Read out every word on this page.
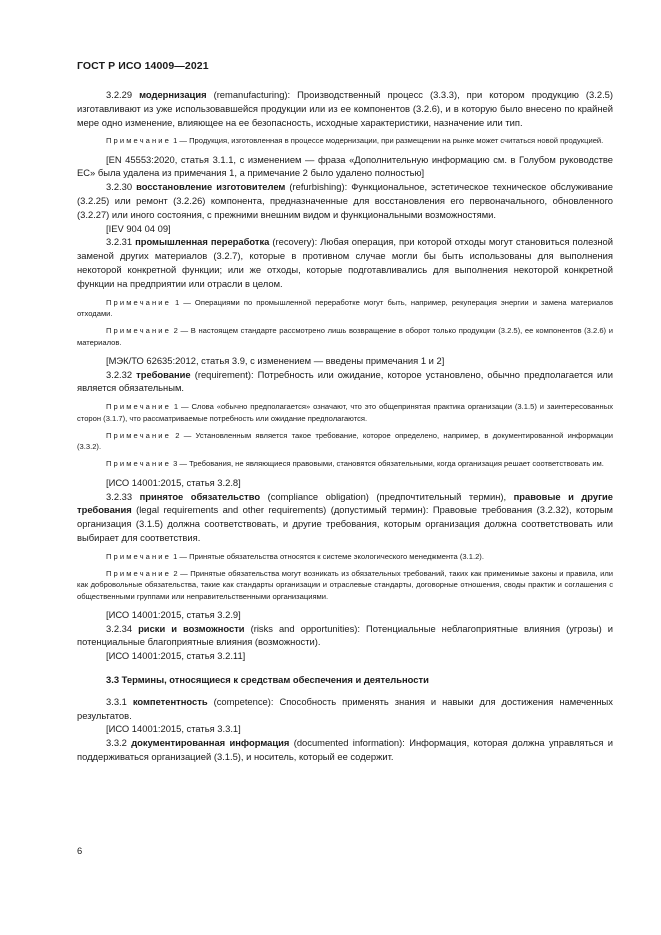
ГОСТ Р ИСО 14009—2021

3.2.29 модернизация (remanufacturing): Производственный процесс (3.3.3), при котором продукцию (3.2.5) изготавливают из уже использовавшейся продукции или из ее компонентов (3.2.6), и в которую было внесено по крайней мере одно изменение, влияющее на ее безопасность, исходные характеристики, назначение или тип.

Примечание 1 — Продукция, изготовленная в процессе модернизации, при размещении на рынке может считаться новой продукцией.

[EN 45553:2020, статья 3.1.1, с изменением — фраза «Дополнительную информацию см. в Голубом руководстве ЕС» была удалена из примечания 1, а примечание 2 было удалено полностью]

3.2.30 восстановление изготовителем (refurbishing): Функциональное, эстетическое техническое обслуживание (3.2.25) или ремонт (3.2.26) компонента, предназначенные для восстановления его первоначального, обновленного (3.2.27) или иного состояния, с прежними внешним видом и функциональными возможностями.

[IEV 904 04 09]

3.2.31 промышленная переработка (recovery): Любая операция, при которой отходы могут становиться полезной заменой других материалов (3.2.7), которые в противном случае могли бы быть использованы для выполнения некоторой конкретной функции; или же отходы, которые подготавливались для выполнения некоторой конкретной функции на предприятии или отрасли в целом.

Примечание 1 — Операциями по промышленной переработке могут быть, например, рекуперация энергии и замена материалов отходами.

Примечание 2 — В настоящем стандарте рассмотрено лишь возвращение в оборот только продукции (3.2.5), ее компонентов (3.2.6) и материалов.

[МЭК/ТО 62635:2012, статья 3.9, с изменением — введены примечания 1 и 2]

3.2.32 требование (requirement): Потребность или ожидание, которое установлено, обычно предполагается или является обязательным.

Примечание 1 — Слова «обычно предполагается» означают, что это общепринятая практика организации (3.1.5) и заинтересованных сторон (3.1.7), что рассматриваемые потребность или ожидание предполагаются.

Примечание 2 — Установленным является такое требование, которое определено, например, в документированной информации (3.3.2).

Примечание 3 — Требования, не являющиеся правовыми, становятся обязательными, когда организация решает соответствовать им.

[ИСО 14001:2015, статья 3.2.8]

3.2.33 принятое обязательство (compliance obligation) (предпочтительный термин), правовые и другие требования (legal requirements and other requirements) (допустимый термин): Правовые требования (3.2.32), которым организация (3.1.5) должна соответствовать, и другие требования, которым организация должна соответствовать или выбирает для соответствия.

Примечание 1 — Принятые обязательства относятся к системе экологического менеджмента (3.1.2).

Примечание 2 — Принятые обязательства могут возникать из обязательных требований, таких как применимые законы и правила, или как добровольные обязательства, такие как стандарты организации и отраслевые стандарты, договорные отношения, своды практик и соглашения с общественными группами или неправительственными организациями.

[ИСО 14001:2015, статья 3.2.9]

3.2.34 риски и возможности (risks and opportunities): Потенциальные неблагоприятные влияния (угрозы) и потенциальные благоприятные влияния (возможности).

[ИСО 14001:2015, статья 3.2.11]

3.3 Термины, относящиеся к средствам обеспечения и деятельности

3.3.1 компетентность (competence): Способность применять знания и навыки для достижения намеченных результатов.

[ИСО 14001:2015, статья 3.3.1]

3.3.2 документированная информация (documented information): Информация, которая должна управляться и поддерживаться организацией (3.1.5), и носитель, который ее содержит.

6
